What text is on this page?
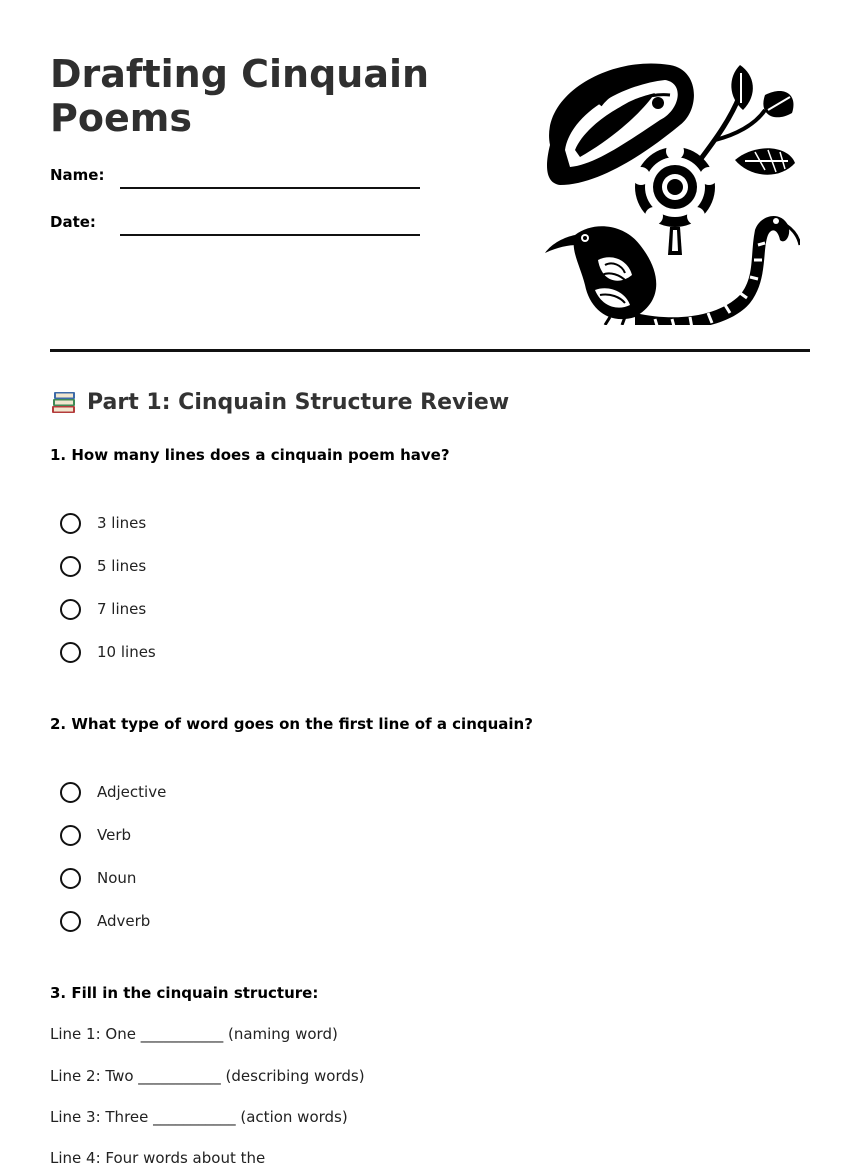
Drafting Cinquain Poems
Name:
Date:
Part 1: Cinquain Structure Review
1. How many lines does a cinquain poem have?
3 lines
5 lines
7 lines
10 lines
2. What type of word goes on the first line of a cinquain?
Adjective
Verb
Noun
Adverb
3. Fill in the cinquain structure:
Line 1: One ___________ (naming word)
Line 2: Two ___________ (describing words)
Line 3: Three ___________ (action words)
Line 4: Four words about the
